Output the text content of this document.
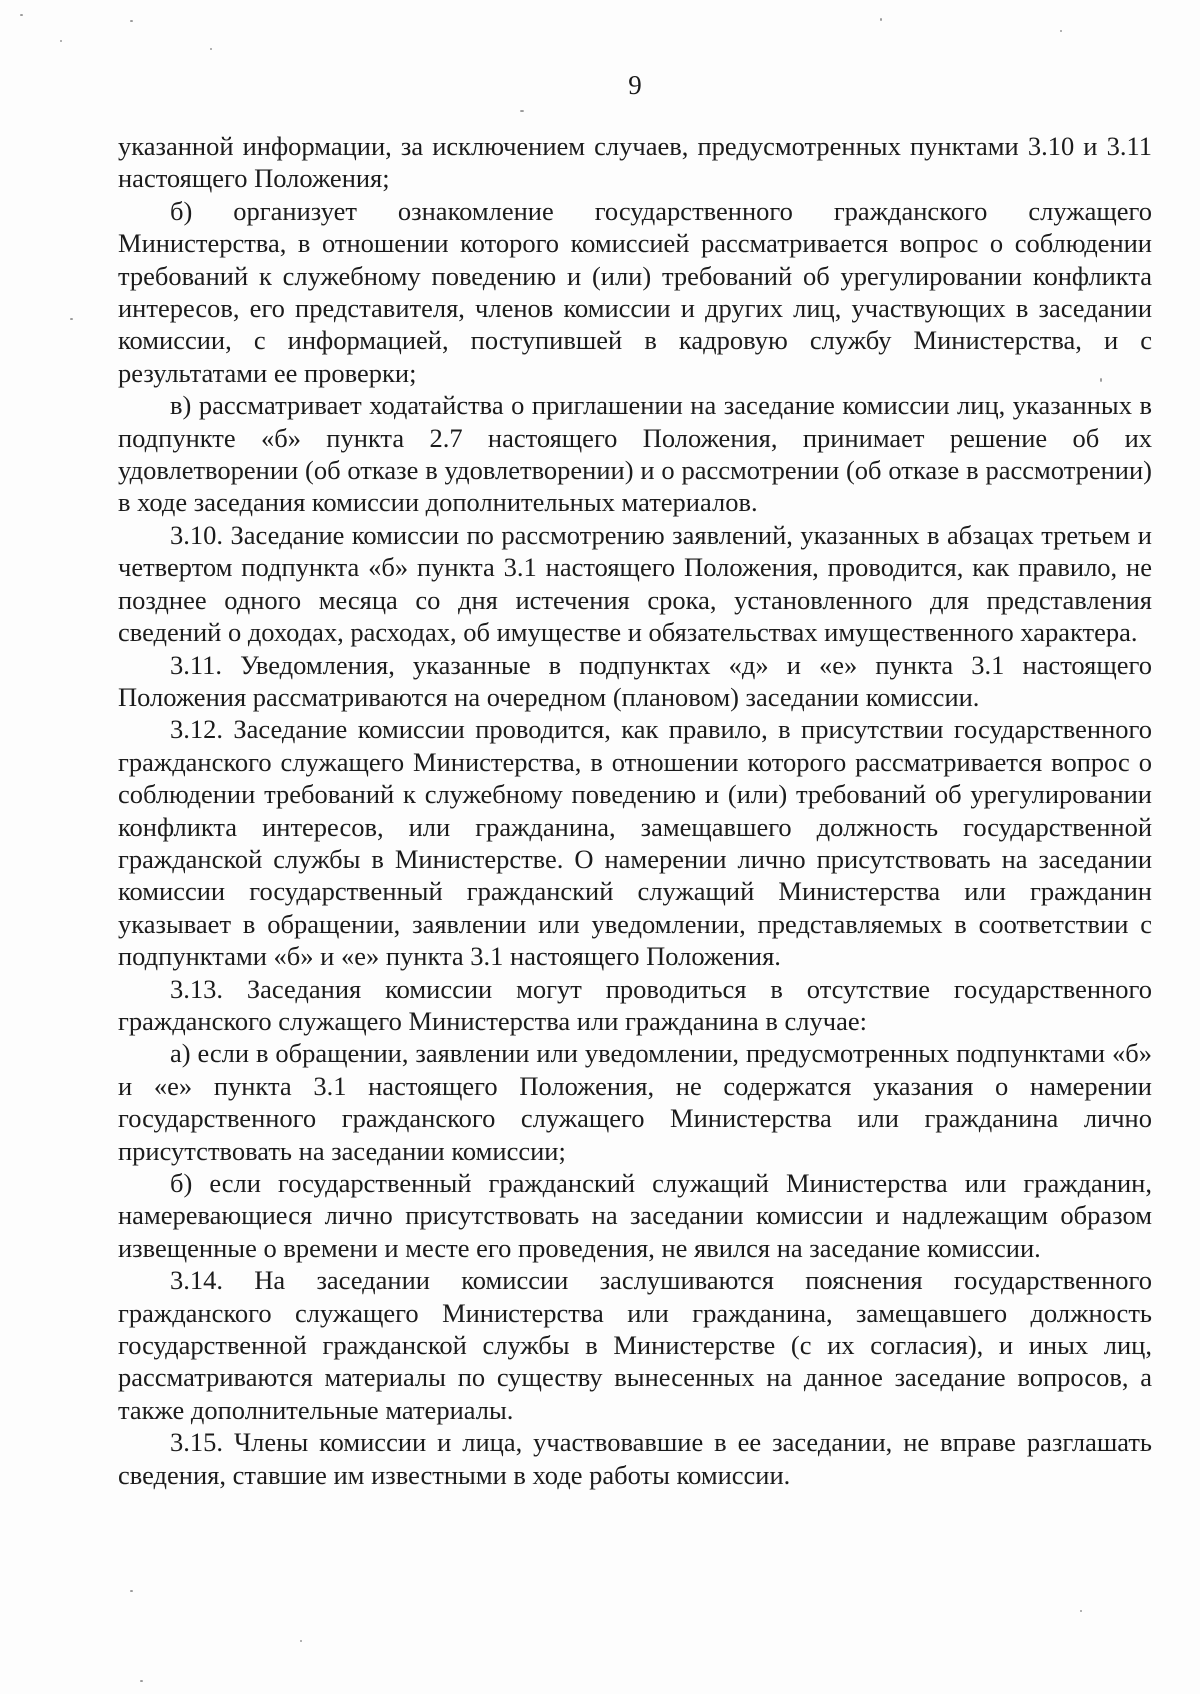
9

указанной информации, за исключением случаев, предусмотренных пунктами 3.10 и 3.11 настоящего Положения;

б) организует ознакомление государственного гражданского служащего Министерства, в отношении которого комиссией рассматривается вопрос о соблюдении требований к служебному поведению и (или) требований об урегулировании конфликта интересов, его представителя, членов комиссии и других лиц, участвующих в заседании комиссии, с информацией, поступившей в кадровую службу Министерства, и с результатами ее проверки;

в) рассматривает ходатайства о приглашении на заседание комиссии лиц, указанных в подпункте «б» пункта 2.7 настоящего Положения, принимает решение об их удовлетворении (об отказе в удовлетворении) и о рассмотрении (об отказе в рассмотрении) в ходе заседания комиссии дополнительных материалов.

3.10. Заседание комиссии по рассмотрению заявлений, указанных в абзацах третьем и четвертом подпункта «б» пункта 3.1 настоящего Положения, проводится, как правило, не позднее одного месяца со дня истечения срока, установленного для представления сведений о доходах, расходах, об имуществе и обязательствах имущественного характера.

3.11. Уведомления, указанные в подпунктах «д» и «е» пункта 3.1 настоящего Положения рассматриваются на очередном (плановом) заседании комиссии.

3.12. Заседание комиссии проводится, как правило, в присутствии государственного гражданского служащего Министерства, в отношении которого рассматривается вопрос о соблюдении требований к служебному поведению и (или) требований об урегулировании конфликта интересов, или гражданина, замещавшего должность государственной гражданской службы в Министерстве. О намерении лично присутствовать на заседании комиссии государственный гражданский служащий Министерства или гражданин указывает в обращении, заявлении или уведомлении, представляемых в соответствии с подпунктами «б» и «е» пункта 3.1 настоящего Положения.

3.13. Заседания комиссии могут проводиться в отсутствие государственного гражданского служащего Министерства или гражданина в случае:

а) если в обращении, заявлении или уведомлении, предусмотренных подпунктами «б» и «е» пункта 3.1 настоящего Положения, не содержатся указания о намерении государственного гражданского служащего Министерства или гражданина лично присутствовать на заседании комиссии;

б) если государственный гражданский служащий Министерства или гражданин, намеревающиеся лично присутствовать на заседании комиссии и надлежащим образом извещенные о времени и месте его проведения, не явился на заседание комиссии.

3.14. На заседании комиссии заслушиваются пояснения государственного гражданского служащего Министерства или гражданина, замещавшего должность государственной гражданской службы в Министерстве (с их согласия), и иных лиц, рассматриваются материалы по существу вынесенных на данное заседание вопросов, а также дополнительные материалы.

3.15. Члены комиссии и лица, участвовавшие в ее заседании, не вправе разглашать сведения, ставшие им известными в ходе работы комиссии.
